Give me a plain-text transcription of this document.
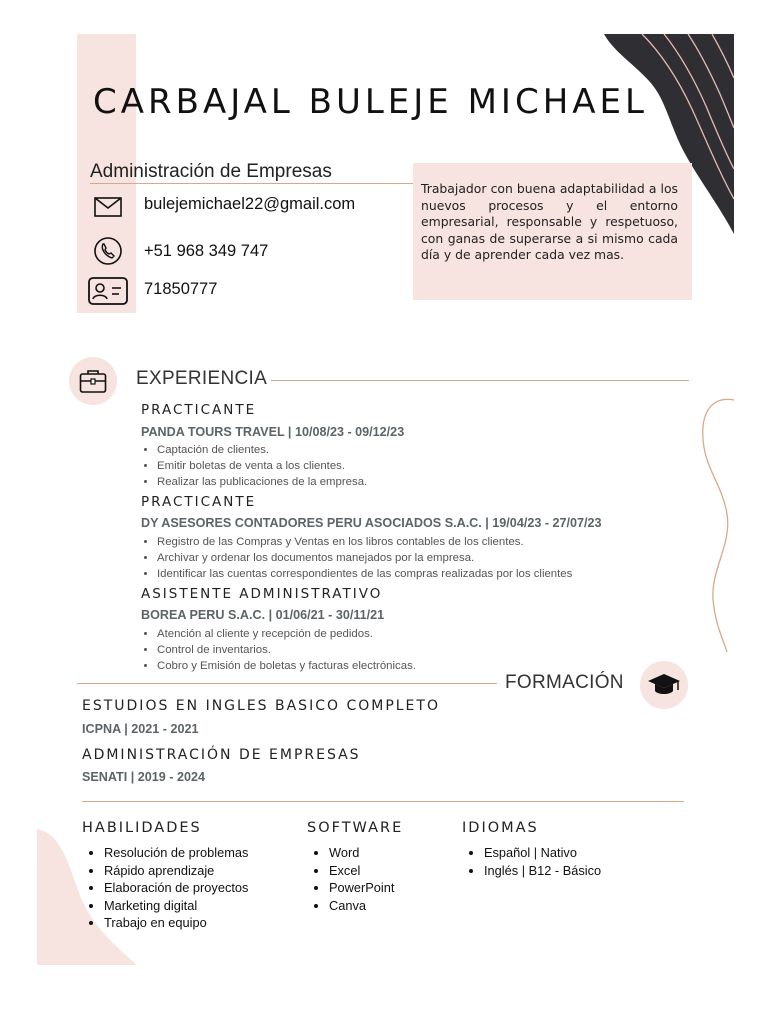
CARBAJAL BULEJE MICHAEL
Administración de Empresas
bulejemichael22@gmail.com
+51 968 349 747
71850777
Trabajador con buena adaptabilidad a los nuevos procesos y el entorno empresarial, responsable y respetuoso, con ganas de superarse a si mismo cada día y de aprender cada vez mas.
EXPERIENCIA
PRACTICANTE
PANDA TOURS TRAVEL | 10/08/23 - 09/12/23
• Captación de clientes.
• Emitir boletas de venta a los clientes.
• Realizar las publicaciones de la empresa.
PRACTICANTE
DY ASESORES CONTADORES PERU ASOCIADOS S.A.C. | 19/04/23 - 27/07/23
• Registro de las Compras y Ventas en los libros contables de los clientes.
• Archivar y ordenar los documentos manejados por la empresa.
• Identificar las cuentas correspondientes de las compras realizadas por los clientes
ASISTENTE ADMINISTRATIVO
BOREA PERU S.A.C. | 01/06/21 - 30/11/21
• Atención al cliente y recepción de pedidos.
• Control de inventarios.
• Cobro y Emisión de boletas y facturas electrónicas.
FORMACIÓN
ESTUDIOS EN INGLES BASICO COMPLETO
ICPNA | 2021 - 2021
ADMINISTRACIÓN DE EMPRESAS
SENATI | 2019 - 2024
HABILIDADES
• Resolución de problemas
• Rápido aprendizaje
• Elaboración de proyectos
• Marketing digital
• Trabajo en equipo
SOFTWARE
• Word
• Excel
• PowerPoint
• Canva
IDIOMAS
• Español | Nativo
• Inglés | B12 - Básico
